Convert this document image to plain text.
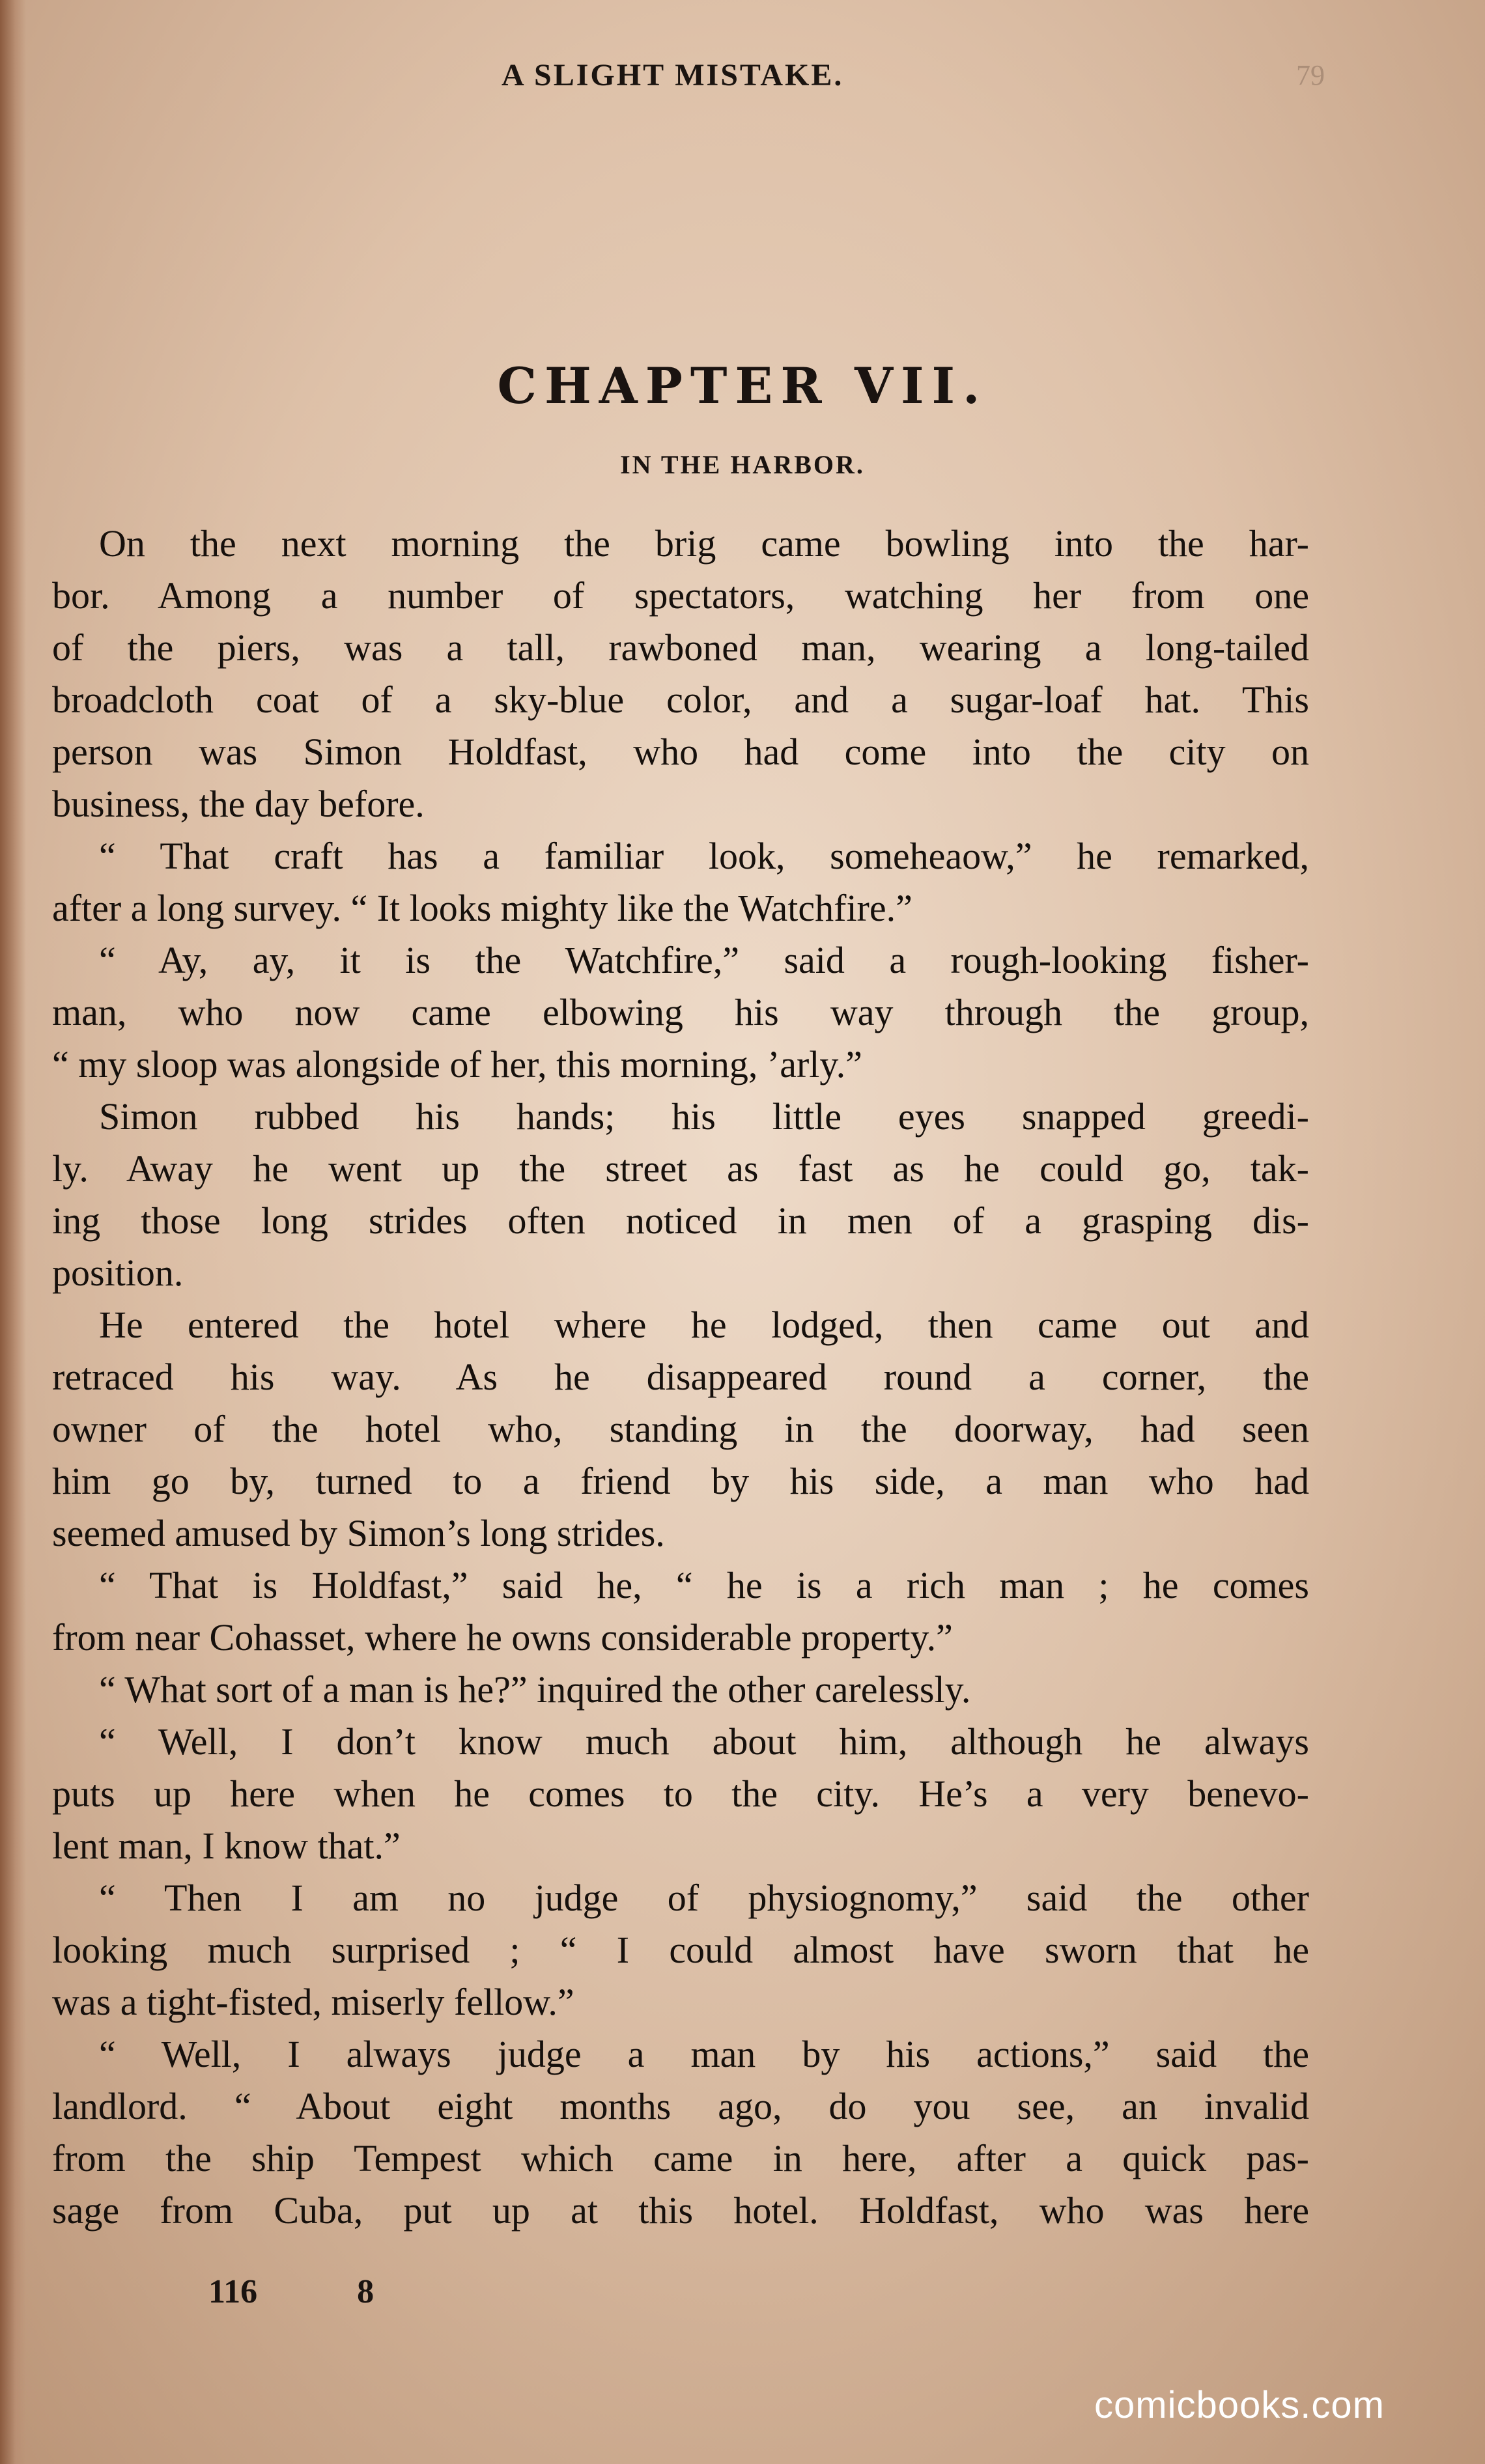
A SLIGHT MISTAKE.	79
CHAPTER VII.
IN THE HARBOR.
On the next morning the brig came bowling into the har-
bor. Among a number of spectators, watching her from one
of the piers, was a tall, rawboned man, wearing a long-tailed
broadcloth coat of a sky-blue color, and a sugar-loaf hat. This
person was Simon Holdfast, who had come into the city on
business, the day before.
“ That craft has a familiar look, someheaow,” he remarked,
after a long survey. “ It looks mighty like the Watchfire.”
“ Ay, ay, it is the Watchfire,” said a rough-looking fisher-
man, who now came elbowing his way through the group,
“ my sloop was alongside of her, this morning, ’arly.”
Simon rubbed his hands; his little eyes snapped greedi-
ly. Away he went up the street as fast as he could go, tak-
ing those long strides often noticed in men of a grasping dis-
position.
He entered the hotel where he lodged, then came out and
retraced his way. As he disappeared round a corner, the
owner of the hotel who, standing in the doorway, had seen
him go by, turned to a friend by his side, a man who had
seemed amused by Simon’s long strides.
“ That is Holdfast,” said he, “ he is a rich man ; he comes
from near Cohasset, where he owns considerable property.”
“ What sort of a man is he?” inquired the other carelessly.
“ Well, I don’t know much about him, although he always
puts up here when he comes to the city. He’s a very benevo-
lent man, I know that.”
“ Then I am no judge of physiognomy,” said the other
looking much surprised ; “ I could almost have sworn that he
was a tight-fisted, miserly fellow.”
“ Well, I always judge a man by his actions,” said the
landlord. “ About eight months ago, do you see, an invalid
from the ship Tempest which came in here, after a quick pas-
sage from Cuba, put up at this hotel. Holdfast, who was here
116	8
comicbooks.com
